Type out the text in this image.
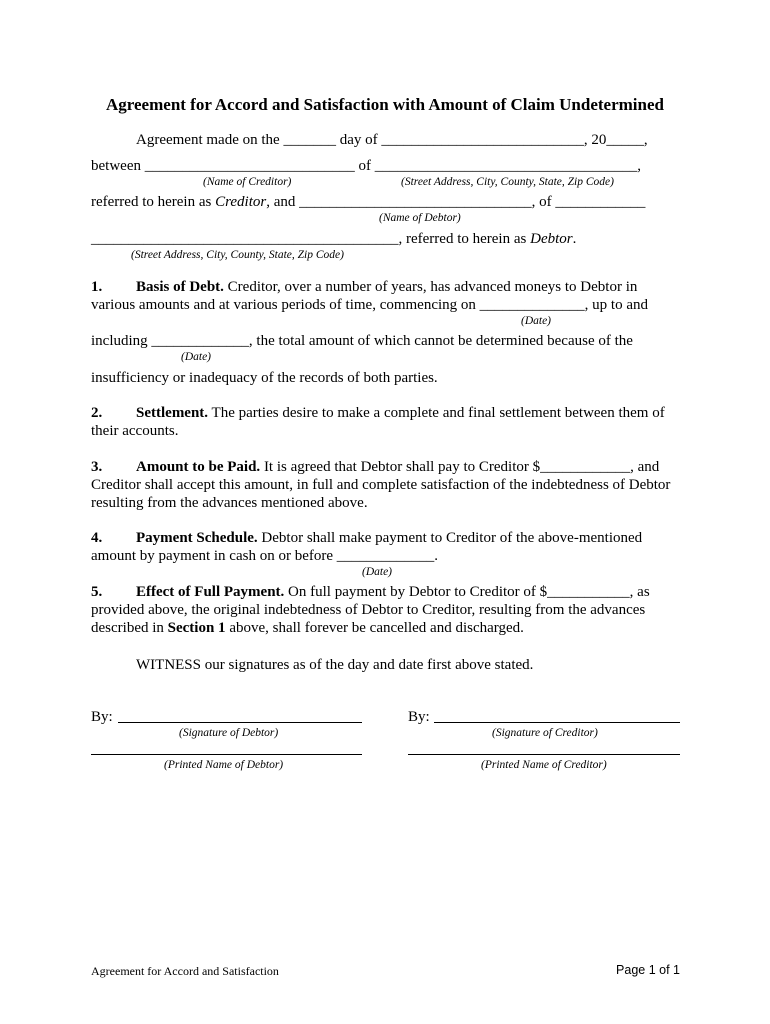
Agreement for Accord and Satisfaction with Amount of Claim Undetermined
Agreement made on the _______ day of ___________________________, 20_____,
between ____________________________ of ___________________________________,
(Name of Creditor)	(Street Address, City, County, State, Zip Code)
referred to herein as Creditor, and _______________________________, of ____________
(Name of Debtor)
_________________________________________, referred to herein as Debtor.
(Street Address, City, County, State, Zip Code)
1. Basis of Debt. Creditor, over a number of years, has advanced moneys to Debtor in
various amounts and at various periods of time, commencing on ______________, up to and
(Date)
including _____________, the total amount of which cannot be determined because of the
(Date)
insufficiency or inadequacy of the records of both parties.
2. Settlement. The parties desire to make a complete and final settlement between them of
their accounts.
3. Amount to be Paid. It is agreed that Debtor shall pay to Creditor $____________, and
Creditor shall accept this amount, in full and complete satisfaction of the indebtedness of Debtor
resulting from the advances mentioned above.
4. Payment Schedule. Debtor shall make payment to Creditor of the above-mentioned
amount by payment in cash on or before _____________.
(Date)
5. Effect of Full Payment. On full payment by Debtor to Creditor of $___________, as
provided above, the original indebtedness of Debtor to Creditor, resulting from the advances
described in Section 1 above, shall forever be cancelled and discharged.
WITNESS our signatures as of the day and date first above stated.
By:	By:
(Signature of Debtor)	(Signature of Creditor)
(Printed Name of Debtor)	(Printed Name of Creditor)
Agreement for Accord and Satisfaction	Page 1 of 1
